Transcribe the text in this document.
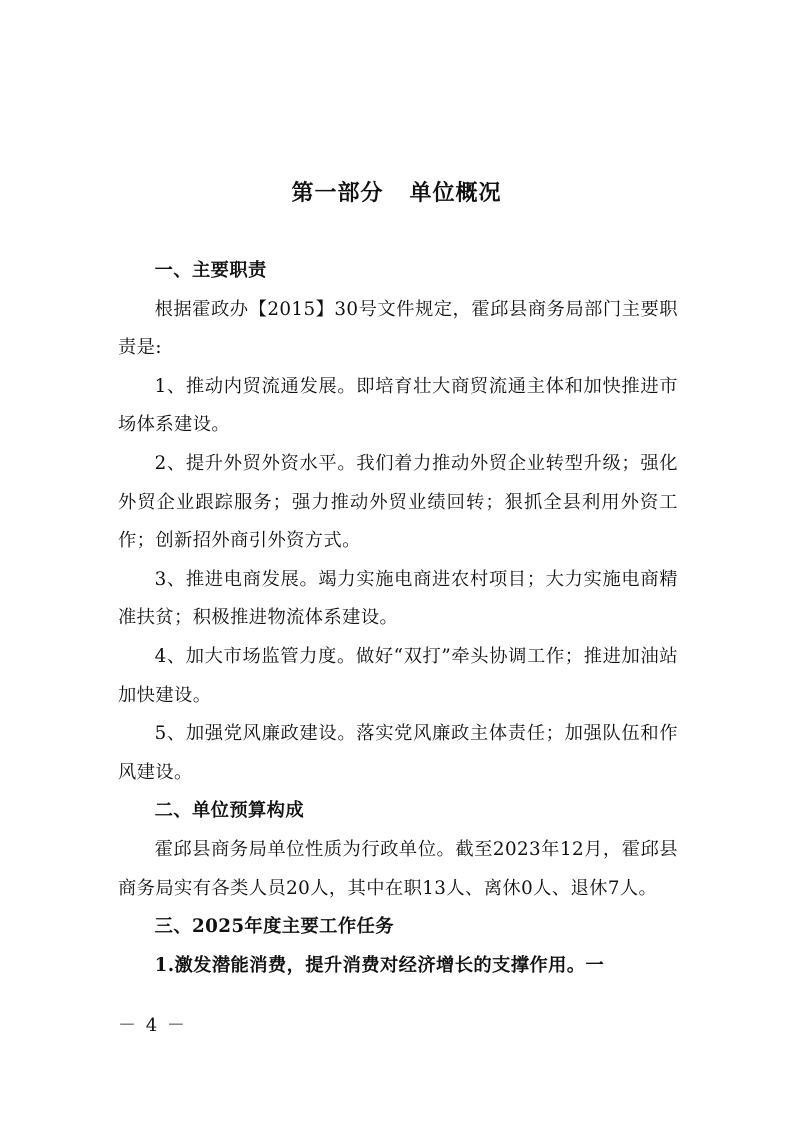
第一部分 单位概况
一、主要职责

根据霍政办【2015】30号文件规定，霍邱县商务局部门主要职责是:

1、推动内贸流通发展。即培育壮大商贸流通主体和加快推进市场体系建设。

2、提升外贸外资水平。我们着力推动外贸企业转型升级；强化外贸企业跟踪服务；强力推动外贸业绩回转；狠抓全县利用外资工作；创新招外商引外资方式。

3、推进电商发展。竭力实施电商进农村项目；大力实施电商精准扶贫；积极推进物流体系建设。

4、加大市场监管力度。做好“双打”牵头协调工作；推进加油站加快建设。

5、加强党风廉政建设。落实党风廉政主体责任；加强队伍和作风建设。

二、单位预算构成

霍邱县商务局单位性质为行政单位。截至2023年12月，霍邱县商务局实有各类人员20人，其中在职13人、离休0人、退休7人。

三、2025年度主要工作任务

1.激发潜能消费，提升消费对经济增长的支撑作用。一

－ 4 －
